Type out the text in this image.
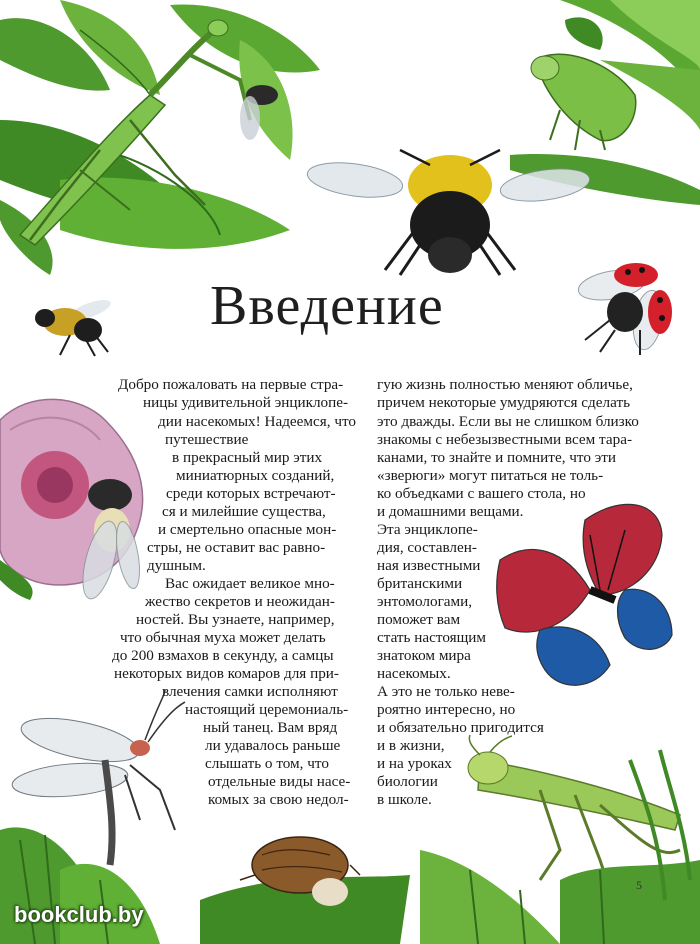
Введение
Добро пожаловать на первые стра-
ницы удивительной энциклопе-
дии насекомых! Надеемся, что
путешествие
в прекрасный мир этих
миниатюрных созданий,
среди которых встречают-
ся и милейшие существа,
и смертельно опасные мон-
стры, не оставит вас равно-
душным.
Вас ожидает великое мно-
жество секретов и неожидан-
ностей. Вы узнаете, например,
что обычная муха может делать
до 200 взмахов в секунду, а самцы
некоторых видов комаров для при-
влечения самки исполняют
настоящий церемониаль-
ный танец. Вам вряд
ли удавалось раньше
слышать о том, что
отдельные виды насе-
комых за свою недол-
гую жизнь полностью меняют обличье,
причем некоторые умудряются сделать
это дважды. Если вы не слишком близко
знакомы с небезызвестными всем тара-
канами, то знайте и помните, что эти
«зверюги» могут питаться не толь-
ко объедками с вашего стола, но
и домашними вещами.
Эта энциклопе-
дия, составлен-
ная известными
британскими
энтомологами,
поможет вам
стать настоящим
знатоком мира
насекомых.
А это не только неве-
роятно интересно, но
и обязательно пригодится
и в жизни,
и на уроках
биологии
в школе.
5
bookclub.by
